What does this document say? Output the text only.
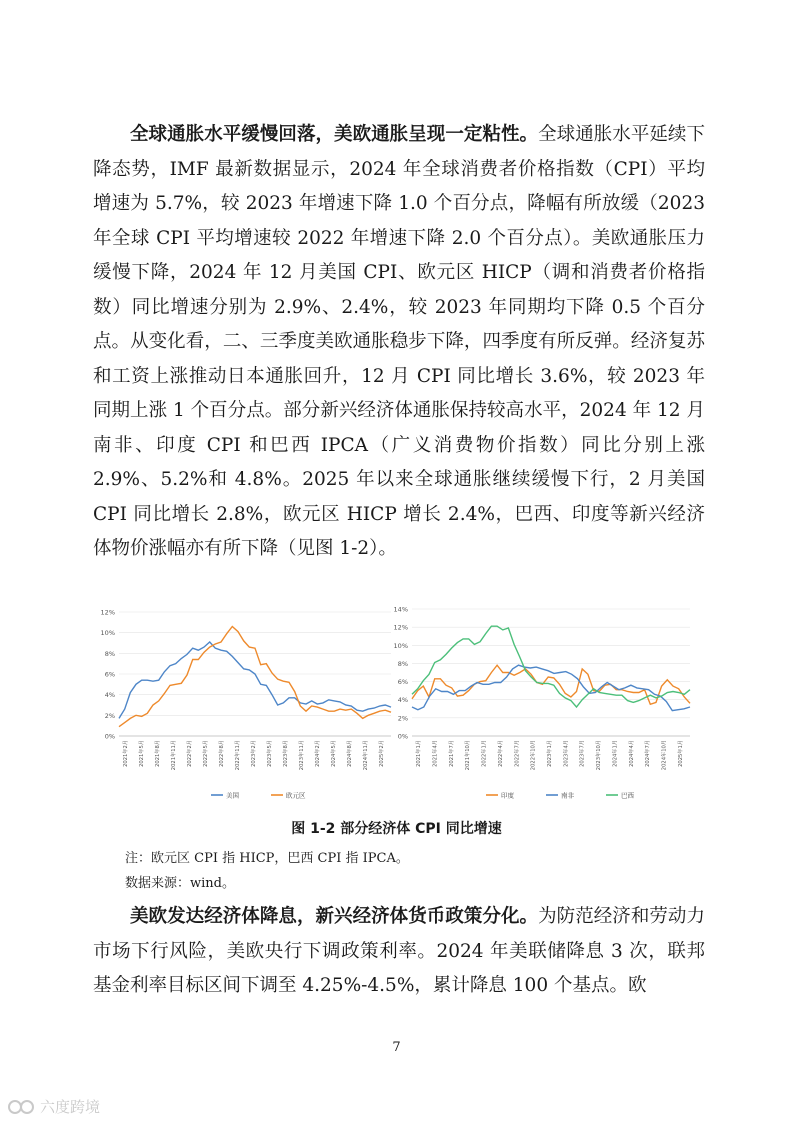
全球通胀水平缓慢回落，美欧通胀呈现一定粘性。全球通胀水平延续下降态势，IMF 最新数据显示，2024 年全球消费者价格指数（CPI）平均增速为 5.7%，较 2023 年增速下降 1.0 个百分点，降幅有所放缓（2023 年全球 CPI 平均增速较 2022 年增速下降 2.0 个百分点）。美欧通胀压力缓慢下降，2024 年 12 月美国 CPI、欧元区 HICP（调和消费者价格指数）同比增速分别为 2.9%、2.4%，较 2023 年同期均下降 0.5 个百分点。从变化看，二、三季度美欧通胀稳步下降，四季度有所反弹。经济复苏和工资上涨推动日本通胀回升，12 月 CPI 同比增长 3.6%，较 2023 年同期上涨 1 个百分点。部分新兴经济体通胀保持较高水平，2024 年 12 月南非、印度 CPI 和巴西 IPCA（广义消费物价指数）同比分别上涨 2.9%、5.2%和 4.8%。2025 年以来全球通胀继续缓慢下行，2 月美国 CPI 同比增长 2.8%，欧元区 HICP 增长 2.4%，巴西、印度等新兴经济体物价涨幅亦有所下降（见图 1-2）。

0%
2%
4%
6%
8%
10%
12%
2021年2月	2021年5月	2021年8月	2021年11月	2022年2月	2022年5月	2022年8月	2022年11月	2023年2月	2023年5月	2023年8月	2023年11月	2024年2月	2024年5月	2024年8月	2024年11月	2025年2月
美国	欧元区
0%
2%
4%
6%
8%
10%
12%
14%
2021年1月	2021年4月	2021年7月	2021年10月	2022年1月	2022年4月	2022年7月	2022年10月	2023年1月	2023年4月	2023年7月	2023年10月	2024年1月	2024年4月	2024年7月	2024年10月	2025年1月
印度	南非	巴西
图 1-2 部分经济体 CPI 同比增速
注：欧元区 CPI 指 HICP，巴西 CPI 指 IPCA。
数据来源：wind。

美欧发达经济体降息，新兴经济体货币政策分化。为防范经济和劳动力市场下行风险，美欧央行下调政策利率。2024 年美联储降息 3 次，联邦基金利率目标区间下调至 4.25%-4.5%，累计降息 100 个基点。欧

7
六度跨境
